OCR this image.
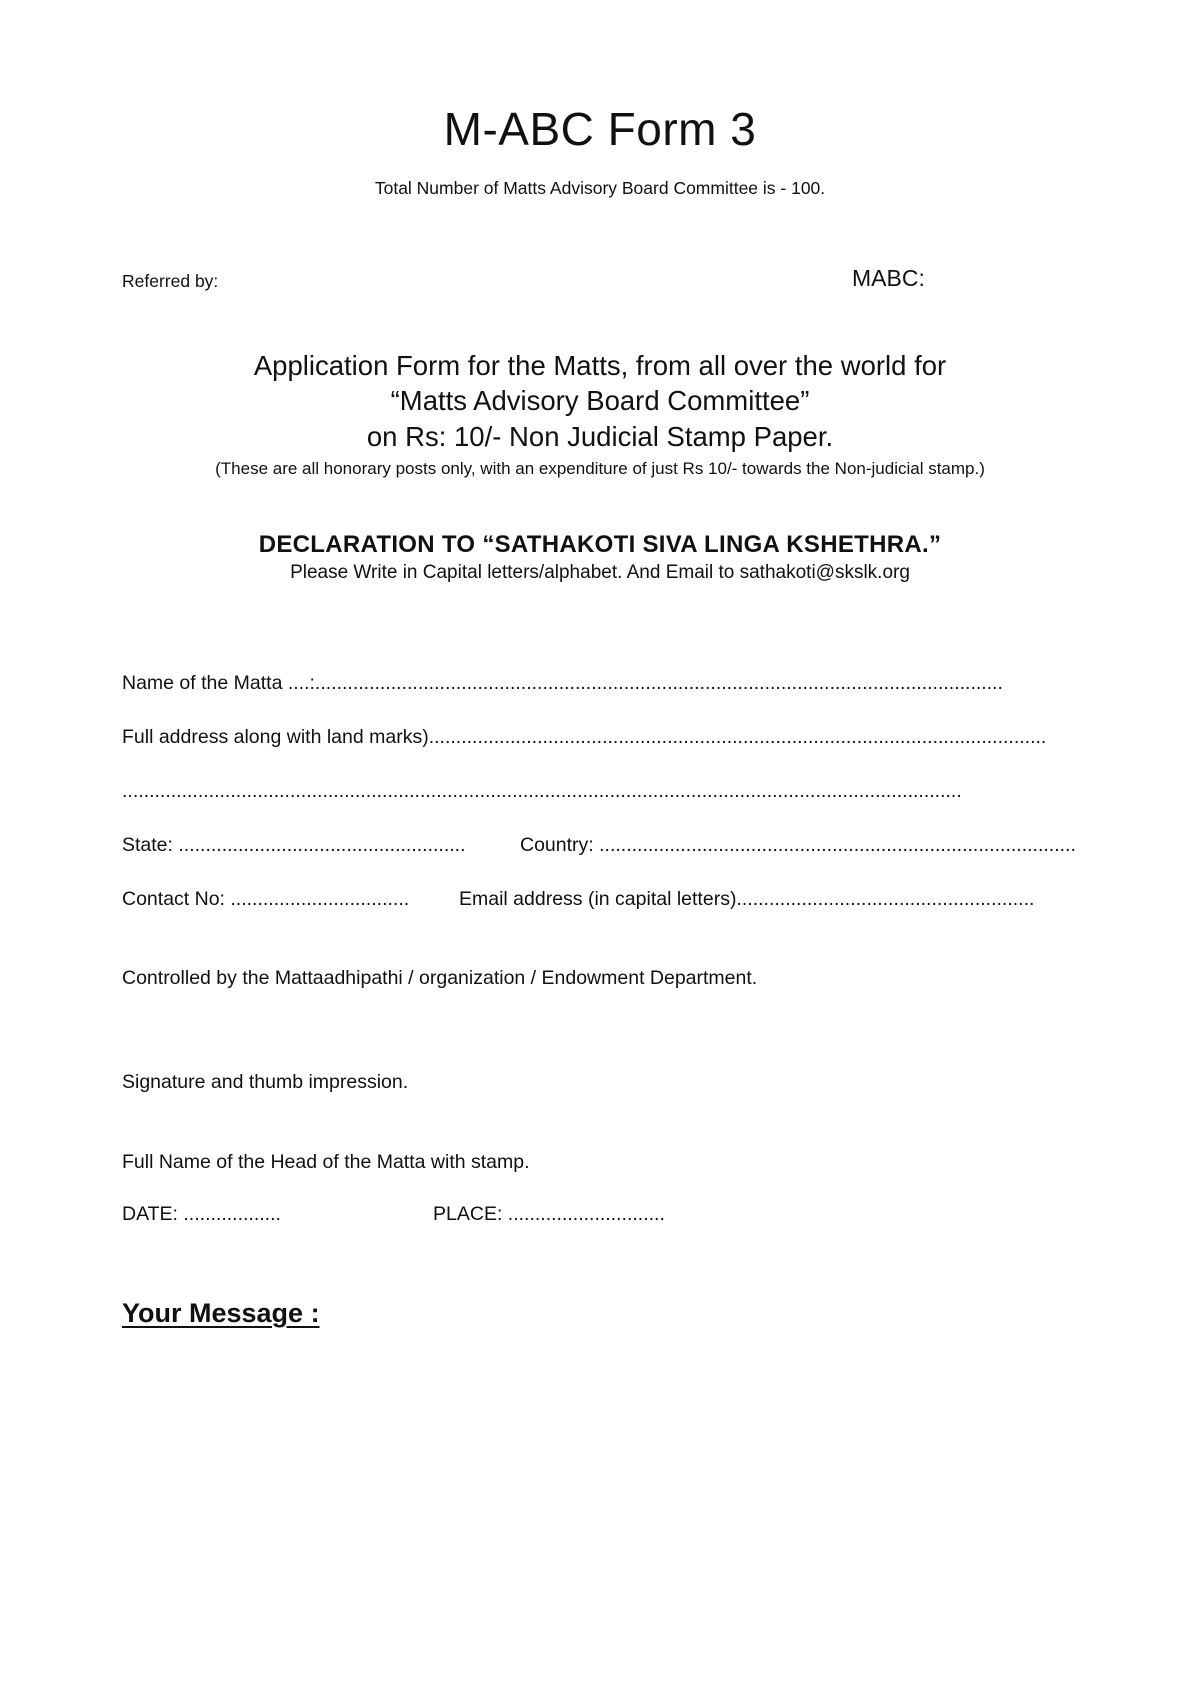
M-ABC Form 3
Total Number of Matts Advisory Board Committee is - 100.
Referred by:	MABC:
Application Form for the Matts, from all over the world for
“Matts Advisory Board Committee”
on Rs: 10/- Non Judicial Stamp Paper.
(These are all honorary posts only, with an expenditure of just Rs 10/- towards the Non-judicial stamp.)
DECLARATION TO “SATHAKOTI SIVA LINGA KSHETHRA.”
Please Write in Capital letters/alphabet. And Email to sathakoti@skslk.org
Name of the Matta ....:...............................................................................................................................
Full address along with land marks)..................................................................................................................
...........................................................................................................................................................
State: .....................................................	Country: ........................................................................................
Contact No: .................................	Email address (in capital letters).......................................................
Controlled by the Mattaadhipathi / organization / Endowment Department.
Signature and thumb impression.
Full Name of the Head of the Matta with stamp.
DATE: ..................	PLACE: .............................
Your Message :
